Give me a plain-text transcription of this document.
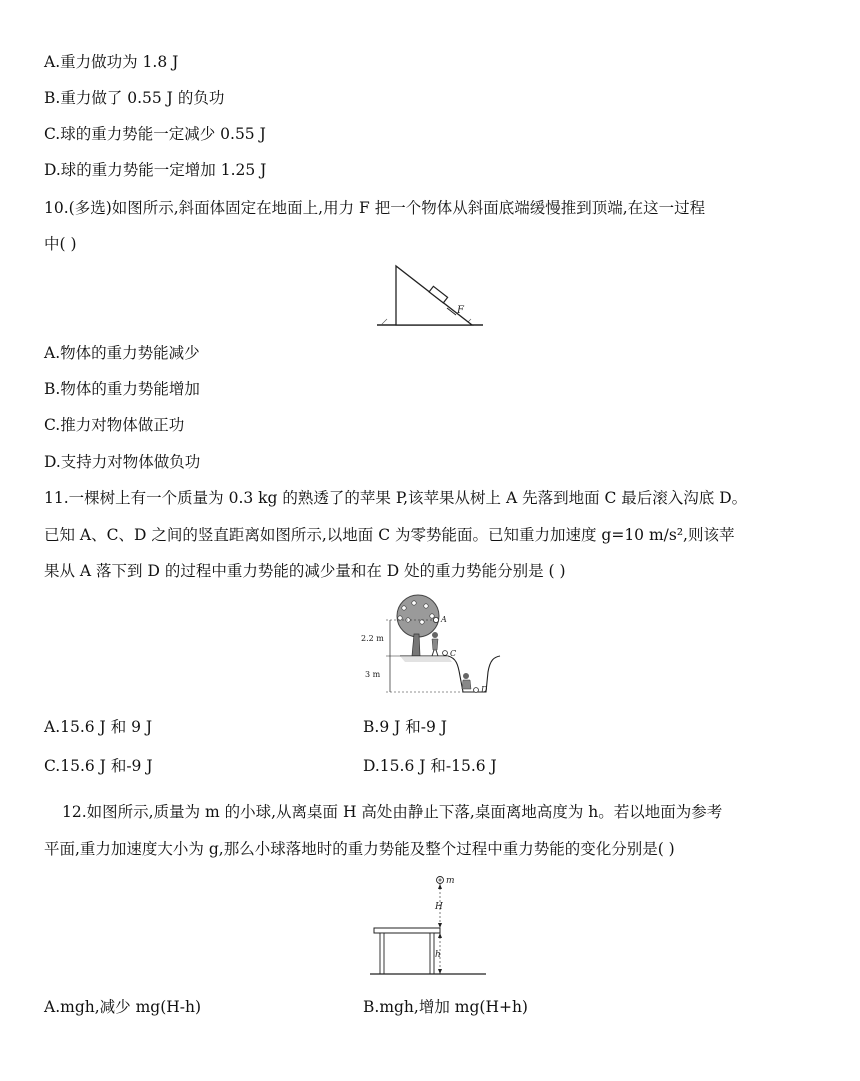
A.重力做功为 1.8 J
B.重力做了 0.55 J 的负功
C.球的重力势能一定减少 0.55 J
D.球的重力势能一定增加 1.25 J
10.(多选)如图所示,斜面体固定在地面上,用力 F 把一个物体从斜面底端缓慢推到顶端,在这一过程
中( )
F
A.物体的重力势能减少
B.物体的重力势能增加
C.推力对物体做正功
D.支持力对物体做负功
11.一棵树上有一个质量为 0.3 kg 的熟透了的苹果 P,该苹果从树上 A 先落到地面 C 最后滚入沟底 D。
已知 A、C、D 之间的竖直距离如图所示,以地面 C 为零势能面。已知重力加速度 g=10 m/s²,则该苹
果从 A 落下到 D 的过程中重力势能的减少量和在 D 处的重力势能分别是 ( )
A
C
D
2.2 m
3 m
A.15.6 J 和 9 J	B.9 J 和-9 J
C.15.6 J 和-9 J	D.15.6 J 和-15.6 J
12.如图所示,质量为 m 的小球,从离桌面 H 高处由静止下落,桌面离地高度为 h。若以地面为参考
平面,重力加速度大小为 g,那么小球落地时的重力势能及整个过程中重力势能的变化分别是( )
m
H
h
A.mgh,减少 mg(H-h)	B.mgh,增加 mg(H+h)
